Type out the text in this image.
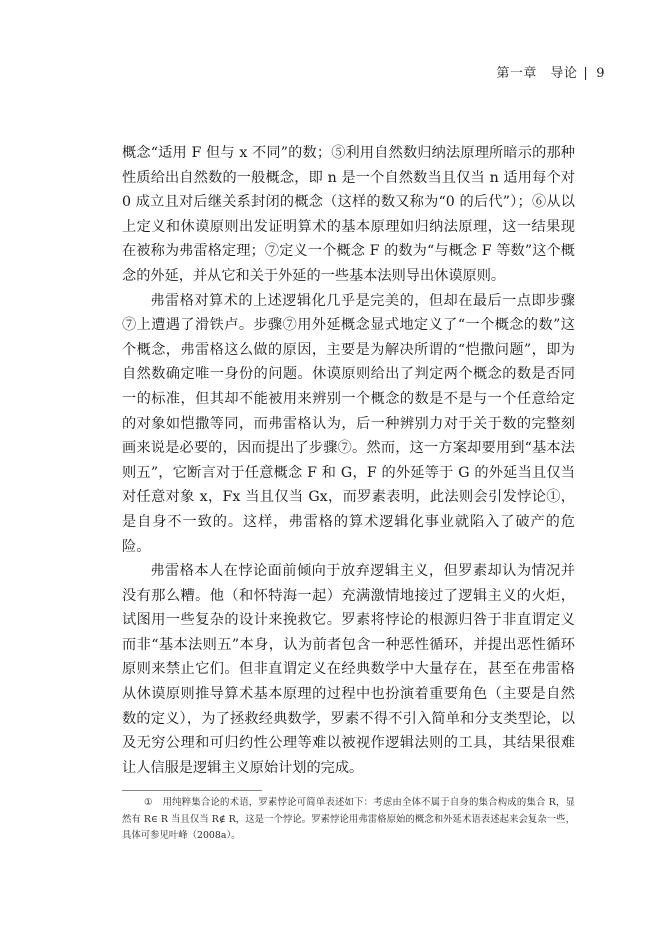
第一章　导论 | 9

概念“适用 F 但与 x 不同”的数；⑤利用自然数归纳法原理所暗示的那种性质给出自然数的一般概念，即 n 是一个自然数当且仅当 n 适用每个对 0 成立且对后继关系封闭的概念（这样的数又称为“0 的后代”）；⑥从以上定义和休谟原则出发证明算术的基本原理如归纳法原理，这一结果现在被称为弗雷格定理；⑦定义一个概念 F 的数为“与概念 F 等数”这个概念的外延，并从它和关于外延的一些基本法则导出休谟原则。

弗雷格对算术的上述逻辑化几乎是完美的，但却在最后一点即步骤⑦上遭遇了滑铁卢。步骤⑦用外延概念显式地定义了“一个概念的数”这个概念，弗雷格这么做的原因，主要是为解决所谓的“恺撒问题”，即为自然数确定唯一身份的问题。休谟原则给出了判定两个概念的数是否同一的标准，但其却不能被用来辨别一个概念的数是不是与一个任意给定的对象如恺撒等同，而弗雷格认为，后一种辨别力对于关于数的完整刻画来说是必要的，因而提出了步骤⑦。然而，这一方案却要用到“基本法则五”，它断言对于任意概念 F 和 G，F 的外延等于 G 的外延当且仅当对任意对象 x，Fx 当且仅当 Gx，而罗素表明，此法则会引发悖论①，是自身不一致的。这样，弗雷格的算术逻辑化事业就陷入了破产的危险。

弗雷格本人在悖论面前倾向于放弃逻辑主义，但罗素却认为情况并没有那么糟。他（和怀特海一起）充满激情地接过了逻辑主义的火炬，试图用一些复杂的设计来挽救它。罗素将悖论的根源归咎于非直谓定义而非“基本法则五”本身，认为前者包含一种恶性循环，并提出恶性循环原则来禁止它们。但非直谓定义在经典数学中大量存在，甚至在弗雷格从休谟原则推导算术基本原理的过程中也扮演着重要角色（主要是自然数的定义），为了拯救经典数学，罗素不得不引入简单和分支类型论，以及无穷公理和可归约性公理等难以被视作逻辑法则的工具，其结果很难让人信服是逻辑主义原始计划的完成。

① 用纯粹集合论的术语，罗素悖论可简单表述如下：考虑由全体不属于自身的集合构成的集合 R，显然有 R∈ R 当且仅当 R∉ R，这是一个悖论。罗素悖论用弗雷格原始的概念和外延术语表述起来会复杂一些，具体可参见叶峰（2008a）。
